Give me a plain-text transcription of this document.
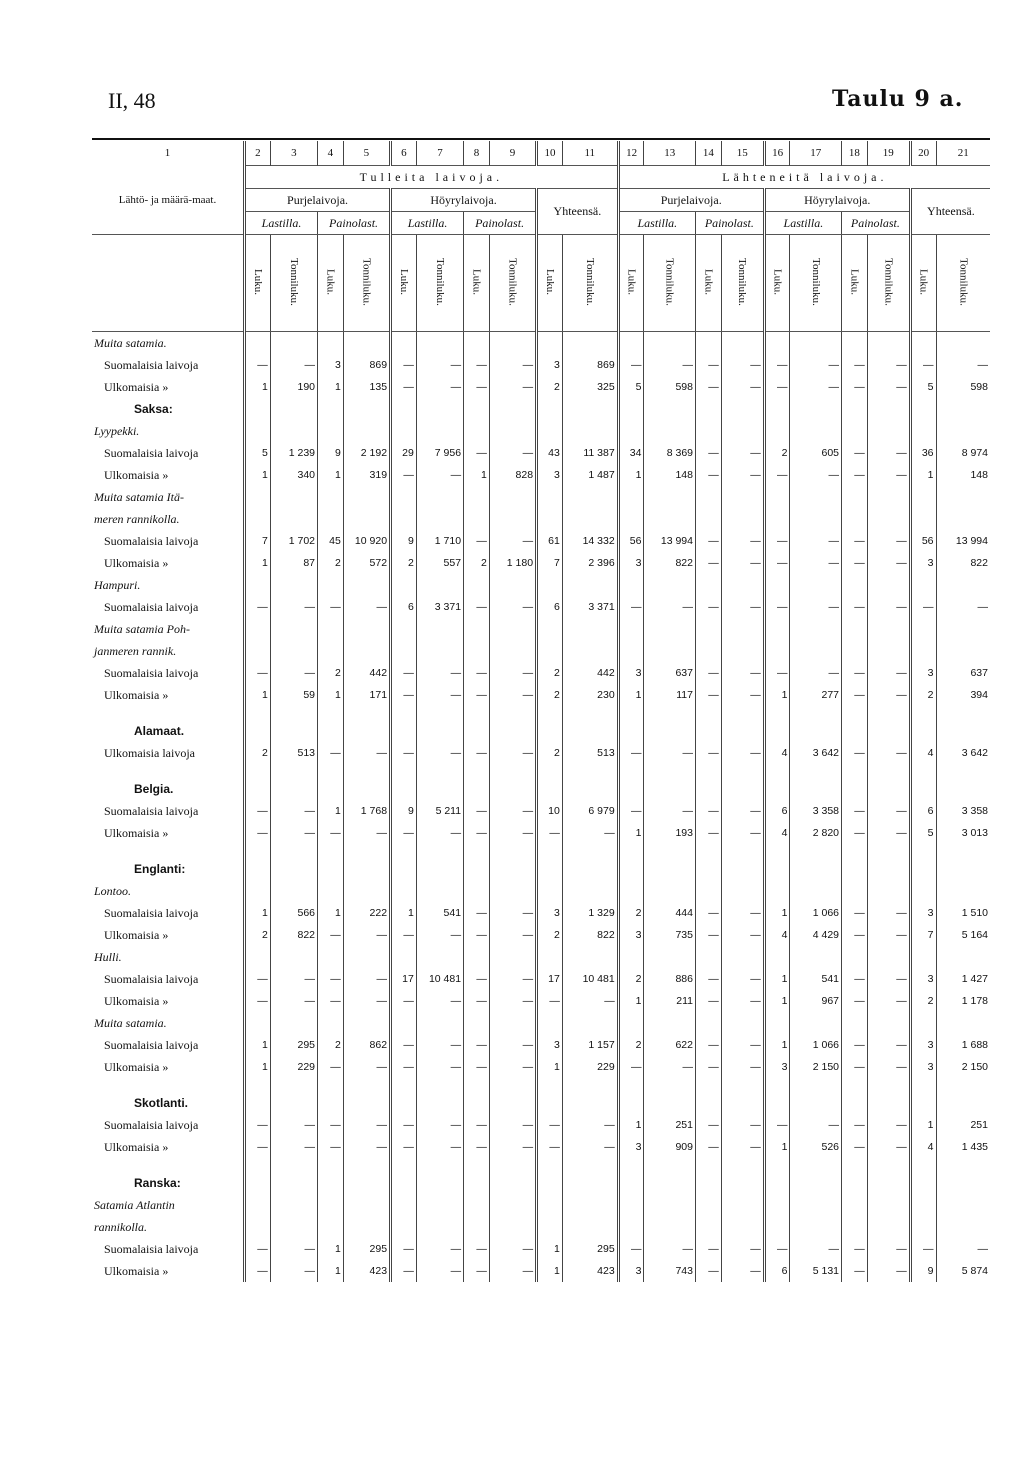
II, 48	Taulu 9 a.
1	2	3	4	5	6	7	8	9	10	11	12	13	14	15	16	17	18	19	20	21
Lähtö- ja määrä-maat.	Tulleita laivoja.										Lähteneitä laivoja.									
	Purjelaivoja.				Höyrylaivoja.				Yhteensä.		Purjelaivoja.				Höyrylaivoja.				Yhteensä.	
	Lastilla.		Painolast.		Lastilla.		Painolast.				Lastilla.		Painolast.		Lastilla.		Painolast.			
	Luku.	Tonniluku.	Luku.	Tonniluku.	Luku.	Tonniluku.	Luku.	Tonniluku.	Luku.	Tonniluku.	Luku.	Tonniluku.	Luku.	Tonniluku.	Luku.	Tonniluku.	Luku.	Tonniluku.	Luku.	Tonniluku.
Muita satamia.																				
Suomalaisia laivoja	—	—	3	869	—	—	—	—	3	869	—	—	—	—	—	—	—	—	—	—
Ulkomaisia »	1	190	1	135	—	—	—	—	2	325	5	598	—	—	—	—	—	—	5	598
Saksa:																				
Lyypekki.																				
Suomalaisia laivoja	5	1 239	9	2 192	29	7 956	—	—	43	11 387	34	8 369	—	—	2	605	—	—	36	8 974
Ulkomaisia »	1	340	1	319	—	—	1	828	3	1 487	1	148	—	—	—	—	—	—	1	148
Muita satamia Itä-																				
meren rannikolla.																				
Suomalaisia laivoja	7	1 702	45	10 920	9	1 710	—	—	61	14 332	56	13 994	—	—	—	—	—	—	56	13 994
Ulkomaisia »	1	87	2	572	2	557	2	1 180	7	2 396	3	822	—	—	—	—	—	—	3	822
Hampuri.																				
Suomalaisia laivoja	—	—	—	—	6	3 371	—	—	6	3 371	—	—	—	—	—	—	—	—	—	—
Muita satamia Poh-																				
janmeren rannik.																				
Suomalaisia laivoja	—	—	2	442	—	—	—	—	2	442	3	637	—	—	—	—	—	—	3	637
Ulkomaisia »	1	59	1	171	—	—	—	—	2	230	1	117	—	—	1	277	—	—	2	394

Alamaat.																				
Ulkomaisia laivoja	2	513	—	—	—	—	—	—	2	513	—	—	—	—	4	3 642	—	—	4	3 642

Belgia.																				
Suomalaisia laivoja	—	—	1	1 768	9	5 211	—	—	10	6 979	—	—	—	—	6	3 358	—	—	6	3 358
Ulkomaisia »	—	—	—	—	—	—	—	—	—	—	1	193	—	—	4	2 820	—	—	5	3 013

Englanti:																				
Lontoo.																				
Suomalaisia laivoja	1	566	1	222	1	541	—	—	3	1 329	2	444	—	—	1	1 066	—	—	3	1 510
Ulkomaisia »	2	822	—	—	—	—	—	—	2	822	3	735	—	—	4	4 429	—	—	7	5 164
Hulli.																				
Suomalaisia laivoja	—	—	—	—	17	10 481	—	—	17	10 481	2	886	—	—	1	541	—	—	3	1 427
Ulkomaisia »	—	—	—	—	—	—	—	—	—	—	1	211	—	—	1	967	—	—	2	1 178
Muita satamia.																				
Suomalaisia laivoja	1	295	2	862	—	—	—	—	3	1 157	2	622	—	—	1	1 066	—	—	3	1 688
Ulkomaisia »	1	229	—	—	—	—	—	—	1	229	—	—	—	—	3	2 150	—	—	3	2 150

Skotlanti.																				
Suomalaisia laivoja	—	—	—	—	—	—	—	—	—	—	1	251	—	—	—	—	—	—	1	251
Ulkomaisia »	—	—	—	—	—	—	—	—	—	—	3	909	—	—	1	526	—	—	4	1 435

Ranska:																				
Satamia Atlantin																				
rannikolla.																				
Suomalaisia laivoja	—	—	1	295	—	—	—	—	1	295	—	—	—	—	—	—	—	—	—	—
Ulkomaisia »	—	—	1	423	—	—	—	—	1	423	3	743	—	—	6	5 131	—	—	9	5 874
